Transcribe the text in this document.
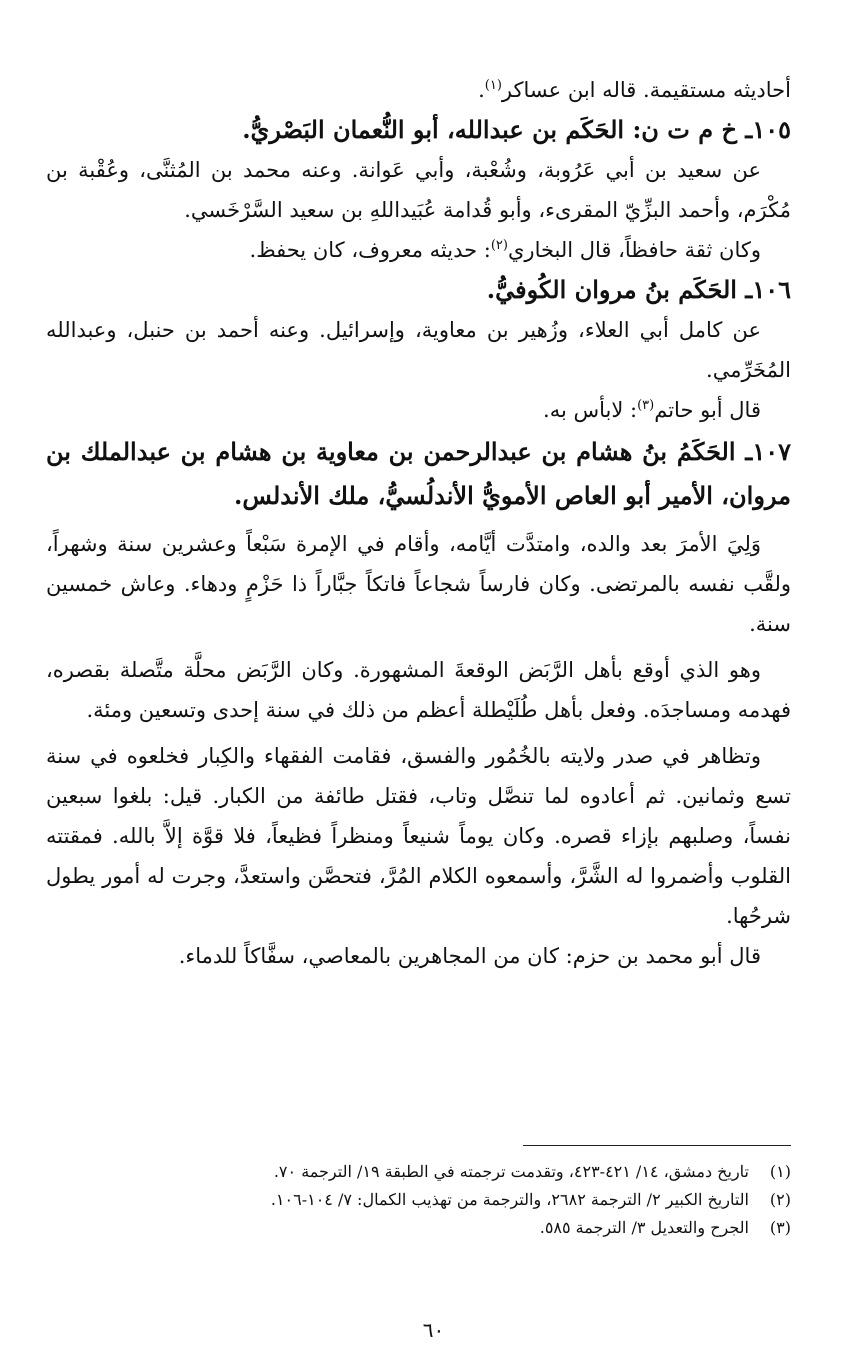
أحاديثه مستقيمة. قاله ابن عساكر$^{(١)}$.

١٠٥ـ خ م ت ن: الحَكَم بن عبدالله، أبو النُّعمان البَصْريُّ.

عن سعيد بن أبي عَرُوبة، وشُعْبة، وأبي عَوانة. وعنه محمد بن المُثنَّى، وعُقْبة بن مُكْرَم، وأحمد البزِّيّ المقرىء، وأبو قُدامة عُبَيداللهِ بن سعيد السَّرْخَسي.

وكان ثقة حافظاً، قال البخاري$^{(٢)}$: حديثه معروف، كان يحفظ.

١٠٦ـ الحَكَم بنُ مروان الكُوفيُّ.

عن كامل أبي العلاء، وزُهير بن معاوية، وإسرائيل. وعنه أحمد بن حنبل، وعبدالله المُخَرِّمي.

قال أبو حاتم$^{(٣)}$: لابأس به.

١٠٧ـ الحَكَمُ بنُ هشام بن عبدالرحمن بن معاوية بن هشام بن عبدالملك بن مروان، الأمير أبو العاص الأمويُّ الأندلُسيُّ، ملك الأندلس.

وَلِيَ الأمرَ بعد والده، وامتدَّت أيَّامه، وأقام في الإمرة سَبْعاً وعشرين سنة وشهراً، ولقَّب نفسه بالمرتضى. وكان فارساً شجاعاً فاتكاً جبَّاراً ذا حَزْمٍ ودهاء. وعاش خمسين سنة.

وهو الذي أوقع بأهل الرَّبَض الوقعةَ المشهورة. وكان الرَّبَض محلَّة متَّصلة بقصره، فهدمه ومساجدَه. وفعل بأهل طُلَيْطلة أعظم من ذلك في سنة إحدى وتسعين ومئة.

وتظاهر في صدر ولايته بالخُمُور والفسق، فقامت الفقهاء والكِبار فخلعوه في سنة تسع وثمانين. ثم أعادوه لما تنصَّل وتاب، فقتل طائفة من الكبار. قيل: بلغوا سبعين نفساً، وصلبهم بإزاء قصره. وكان يوماً شنيعاً ومنظراً فظيعاً، فلا قوَّة إلاَّ بالله. فمقتته القلوب وأضمروا له الشَّرَّ، وأسمعوه الكلام المُرَّ، فتحصَّن واستعدَّ، وجرت له أمور يطول شرحُها.

قال أبو محمد بن حزم: كان من المجاهرين بالمعاصي، سفَّاكاً للدماء.

(١)
تاريخ دمشق، ١٤/ ٤٢١-٤٢٣، وتقدمت ترجمته في الطبقة ١٩/ الترجمة ٧٠.
(٢)
التاريخ الكبير ٢/ الترجمة ٢٦٨٢، والترجمة من تهذيب الكمال: ٧/ ١٠٤-١٠٦.
(٣)
الجرح والتعديل ٣/ الترجمة ٥٨٥.
٦٠
